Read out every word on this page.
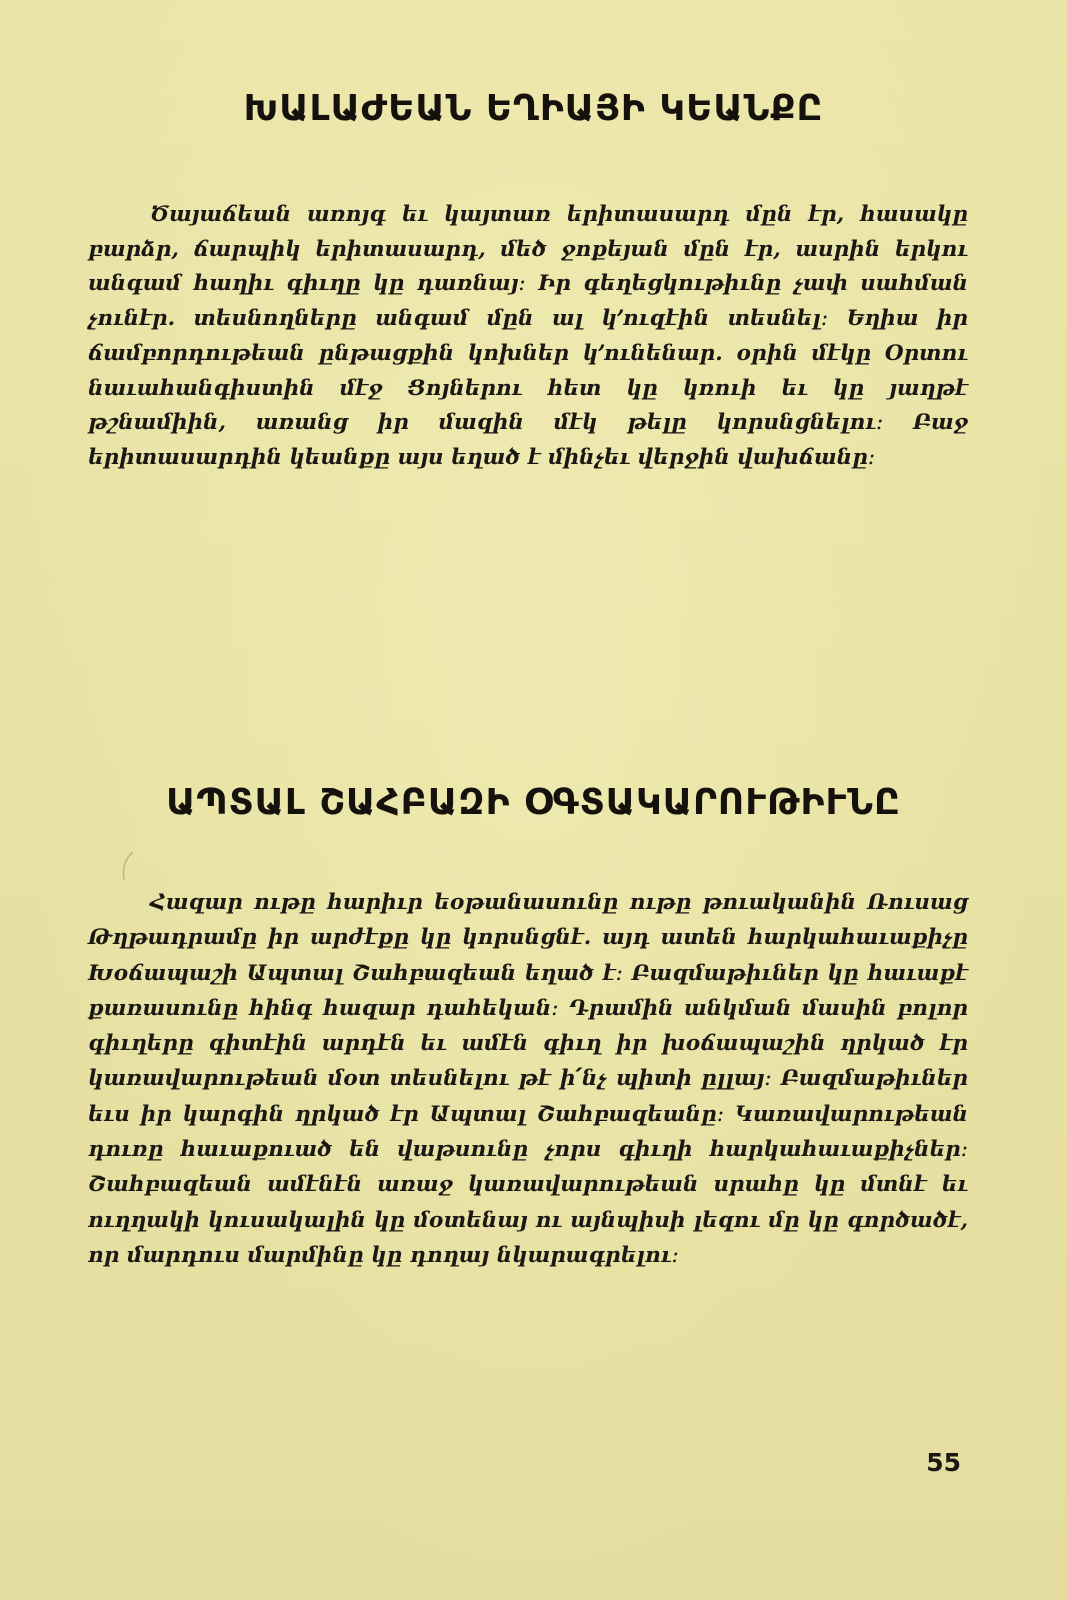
ԽԱԼԱԺԵԱՆ ԵՂԻԱՅԻ ԿԵԱՆՔԸ

Ծայաճեան առոյգ եւ կայտառ երիտասարդ մըն էր, հասակը բարձր, ճարպիկ երիտասարդ, մեծ ջոքեյան մըն էր, ասրին երկու անգամ հաղիւ գիւղը կը դառնայ։ Իր գեղեցկութիւնը չափ սահման չունէր. տեսնողները անգամ մըն ալ կ՚ուզէին տեսնել։ Եղիա իր ճամբորդութեան ընթացքին կոխներ կ՚ունենար. օրին մէկը Օրտու նաւահանգիստին մէջ Ցոյներու հետ կը կռուի եւ կը յաղթէ թշնամիին, առանց իր մազին մէկ թելը կորսնցնելու։ Բաջ երիտասարդին կեանքը այս եղած է մինչեւ վերջին վախճանը։

ԱՊՏԱԼ ՇԱՀԲԱԶԻ ՕԳՏԱԿԱՐՈՒԹԻՒՆԸ

Հազար ութը հարիւր եօթանասունը ութը թուականին Ռուսաց Թղթադրամը իր արժէքը կը կորսնցնէ. այդ ատեն հարկահաւաքիչը Խօճապաշի Ապտալ Շահբազեան եղած է։ Բազմաթիւներ կը հաւաքէ քառասունը հինգ հազար դահեկան։ Դրամին անկման մասին բոլոր գիւղերը գիտէին արդէն եւ ամէն գիւղ իր խօճապաշին ղրկած էր կառավարութեան մօտ տեսնելու թէ ի՛նչ պիտի ըլլայ։ Բազմաթիւներ եւս իր կարգին ղրկած էր Ապտալ Շահբազեանը։ Կառավարութեան դուռը հաւաքուած են վաթսունը չորս գիւղի հարկահաւաքիչներ։ Շահբազեան ամէնէն առաջ կառավարութեան սրահը կը մտնէ եւ ուղղակի կուսակալին կը մօտենայ ու այնպիսի լեզու մը կը գործածէ, որ մարդուս մարմինը կը դողայ նկարագրելու։

55
